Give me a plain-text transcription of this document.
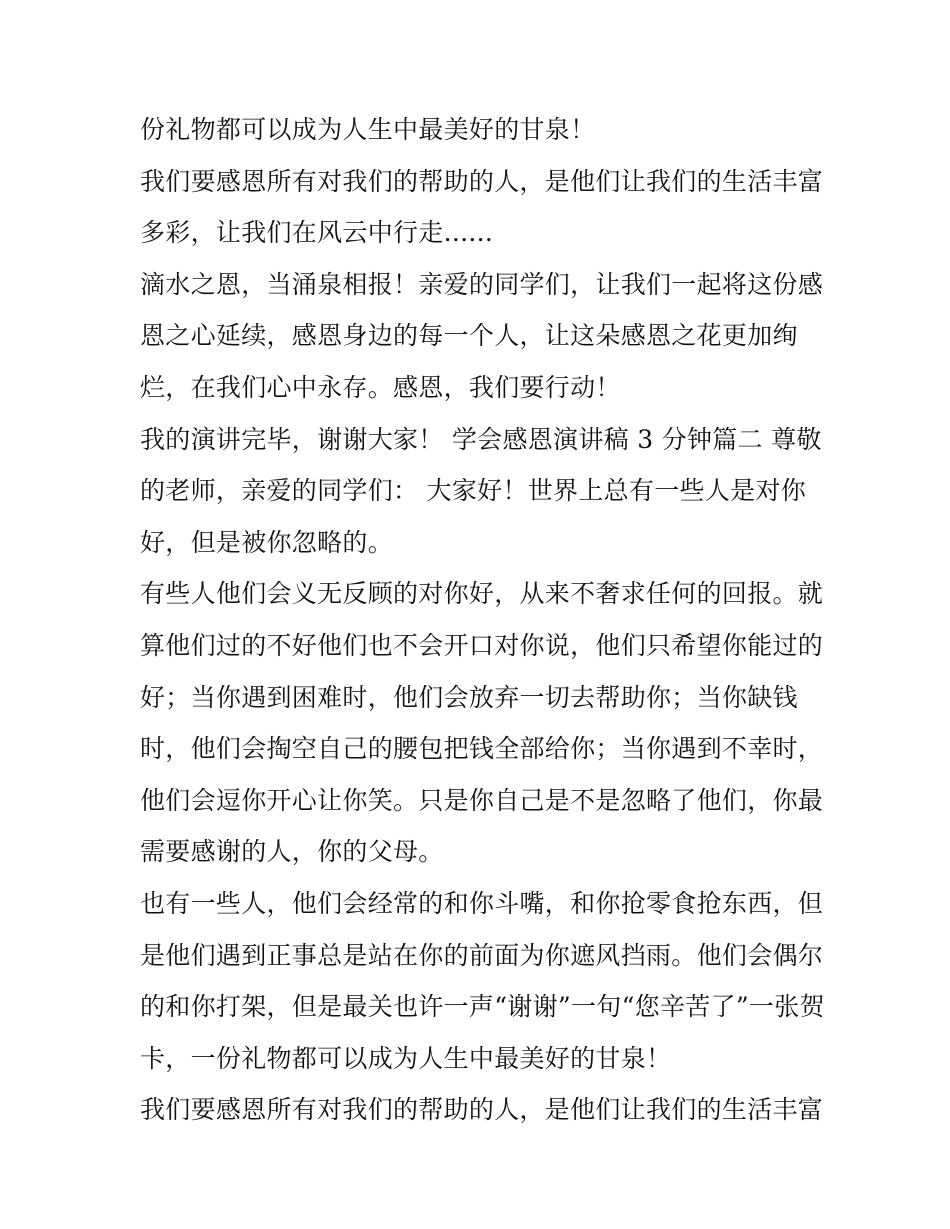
份礼物都可以成为人生中最美好的甘泉！
我们要感恩所有对我们的帮助的人，是他们让我们的生活丰富
多彩，让我们在风云中行走......
滴水之恩，当涌泉相报！亲爱的同学们，让我们一起将这份感
恩之心延续，感恩身边的每一个人，让这朵感恩之花更加绚
烂，在我们心中永存。感恩，我们要行动！
我的演讲完毕，谢谢大家！ 学会感恩演讲稿 3 分钟篇二 尊敬
的老师，亲爱的同学们： 大家好！世界上总有一些人是对你
好，但是被你忽略的。
有些人他们会义无反顾的对你好，从来不奢求任何的回报。就
算他们过的不好他们也不会开口对你说，他们只希望你能过的
好；当你遇到困难时，他们会放弃一切去帮助你；当你缺钱
时，他们会掏空自己的腰包把钱全部给你；当你遇到不幸时，
他们会逗你开心让你笑。只是你自己是不是忽略了他们，你最
需要感谢的人，你的父母。
也有一些人，他们会经常的和你斗嘴，和你抢零食抢东西，但
是他们遇到正事总是站在你的前面为你遮风挡雨。他们会偶尔
的和你打架，但是最关也许一声“谢谢”一句“您辛苦了”一张贺
卡，一份礼物都可以成为人生中最美好的甘泉！
我们要感恩所有对我们的帮助的人，是他们让我们的生活丰富
